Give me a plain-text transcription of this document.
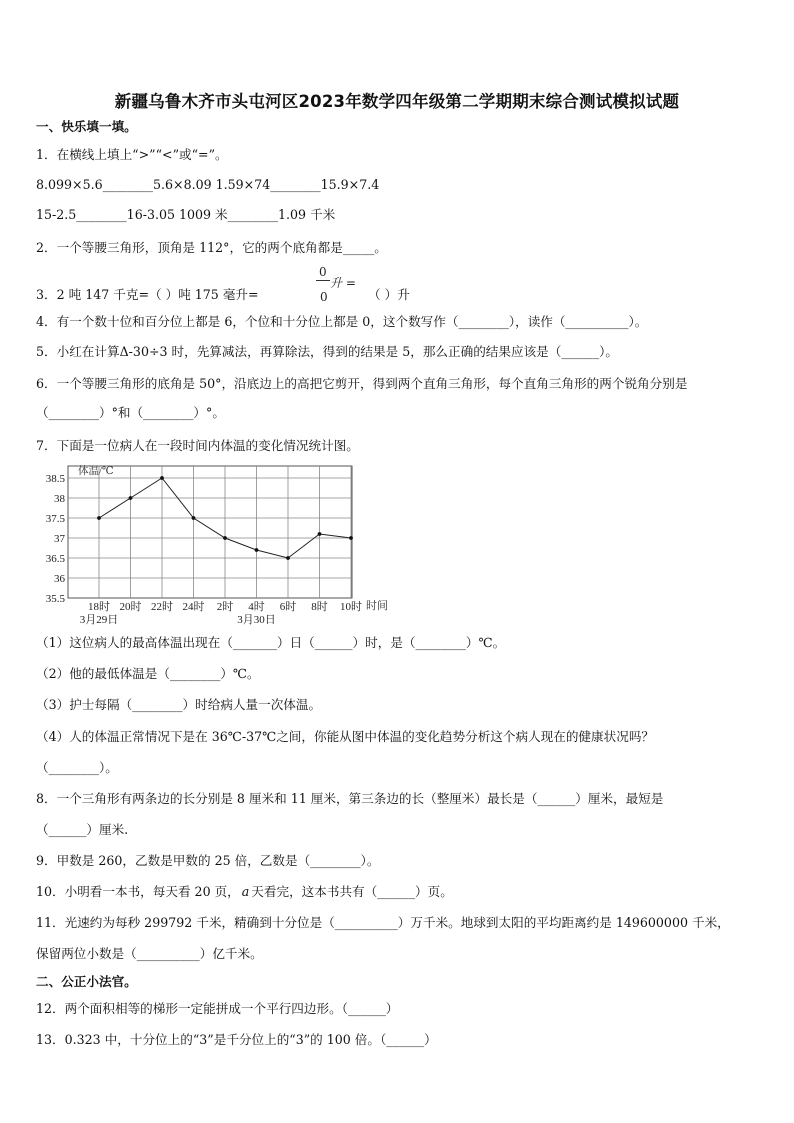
新疆乌鲁木齐市头屯河区2023年数学四年级第二学期期末综合测试模拟试题
一、快乐填一填。
1．在横线上填上“>”“<”或“=”。
8.099×5.6________5.6×8.09 1.59×74________15.9×7.4
15-2.5________16-3.05 1009 米________1.09 千米
2．一个等腰三角形，顶角是 112°，它的两个底角都是_____。
3．2 吨 147 千克=（ ）吨 175 毫升=
0
0
升 =
（ ）升
4．有一个数十位和百分位上都是 6，个位和十分位上都是 0，这个数写作（________），读作（__________）。
5．小红在计算Δ-30÷3 时，先算减法，再算除法，得到的结果是 5，那么正确的结果应该是（______）。
6．一个等腰三角形的底角是 50°，沿底边上的高把它剪开，得到两个直角三角形，每个直角三角形的两个锐角分别是
（________）°和（________）°。
7．下面是一位病人在一段时间内体温的变化情况统计图。
35.5
36
36.5
37
37.5
38
38.5
体温/℃
18时 20时 22时 24时 2时 4时 6时 8时 10时 时间
3月29日	3月30日
（1）这位病人的最高体温出现在（_______）日（______）时，是（________）℃。
（2）他的最低体温是（________）℃。
（3）护士每隔（________）时给病人量一次体温。
（4）人的体温正常情况下是在 36℃-37℃之间，你能从图中体温的变化趋势分析这个病人现在的健康状况吗？
（________）。
8．一个三角形有两条边的长分别是 8 厘米和 11 厘米，第三条边的长（整厘米）最长是（______）厘米，最短是
（______）厘米.
9．甲数是 260，乙数是甲数的 25 倍，乙数是（________）。
10．小明看一本书，每天看 20 页， a 天看完，这本书共有（______）页。
11．光速约为每秒 299792 千米，精确到十分位是（__________）万千米。地球到太阳的平均距离约是 149600000 千米，
保留两位小数是（__________）亿千米。
二、公正小法官。
12．两个面积相等的梯形一定能拼成一个平行四边形。（______）
13．0.323 中，十分位上的“3”是千分位上的“3”的 100 倍。（______）
